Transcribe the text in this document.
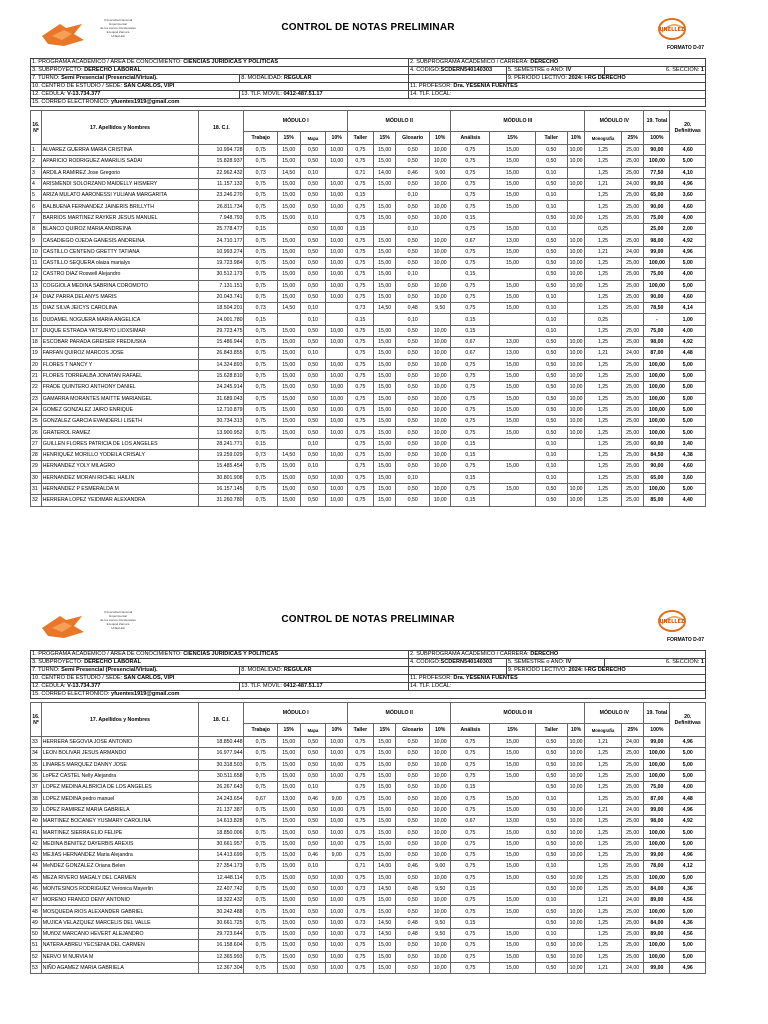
Universidad Nacional Experimental
de los Llanos Occidentales
Ezequiel Zamora
UNELLEZ
CONTROL DE NOTAS PRELIMINAR	UNELLEZ
FORMATO D-07
1. PROGRAMA ACADEMICO / ÁREA DE CONOCIMIENTO: CIENCIAS JURIDICAS Y POLITICAS		2. SUBPROGRAMA ACADEMICO / CARRERA: DERECHO		
3. SUBPROYECTO: DERECHO LABORAL		4. CODIGO:SCDERN540140303	5. SEMESTRE o AÑO: IV	6. SECCION: 1
7. TURNO: Semi Presencial (Presencial/Virtual).	8. MODALIDAD: REGULAR		9. PERIODO LECTIVO: 2024: I-RG DERECHO	
10. CENTRO DE ESTUDIO / SEDE: SAN CARLOS, VIPI		11. PROFESOR: Dra. YESENIA FUENTES		
12. CEDULA: V-13.734.377	13. TLF. MOVIL: 0412-487.51.17	14. TLF. LOCAL:		
15. CORREO ELECTRONICO: yfuentes1919@gmail.com				
16. Nº	17. Apellidos y Nombres	18. C.I.	MÓDULO I				MÓDULO II				MÓDULO III				MÓDULO IV		19. Total	20. Definitivas
			Trabajo	15%	Mapa	10%	Taller	15%	Glosario	10%	Análisis	15%	Taller	10%	Monografia	25%	100%	
1	ALVAREZ GUERRA MARIA CRISTINA	10.994.728	0,75	15,00	0,50	10,00	0,75	15,00	0,50	10,00	0,75	15,00	0,50	10,00	1,25	25,00	90,00	4,60
2	APARICIO RODRIGUEZ AMARILIS SADAI	15.828.937	0,75	15,00	0,50	10,00	0,75	15,00	0,50	10,00	0,75	15,00	0,50	10,00	1,25	25,00	100,00	5,00
3	ARDILA RAMIREZ Jose Gregorio	22.962.432	0,73	14,50	0,10		0,71	14,00	0,46	9,00	0,75	15,00	0,10		1,25	25,00	77,50	4,10
4	ARISMENDI SOLORZANO MAIDELLY HISMERY	11.157.132	0,75	15,00	0,50	10,00	0,75	15,00	0,50	10,00	0,75	15,00	0,50	10,00	1,21	24,00	99,00	4,96
5	ARIZA MULATO AARONESSI YULIANA MARGARITA	23.246.270	0,75	15,00	0,50	10,00	0,15		0,10		0,75	15,00	0,10		1,25	25,00	65,00	3,60
6	BALBUENA FERNANDEZ JAINERIS BRILLYTH	26.811.734	0,75	15,00	0,50	10,00	0,75	15,00	0,50	10,00	0,75	15,00	0,10		1,25	25,00	90,00	4,60
7	BARRIOS MARTINEZ RAYKER JESUS MANUEL	7.948.793	0,75	15,00	0,10		0,75	15,00	0,50	10,00	0,15		0,50	10,00	1,25	25,00	75,00	4,00
8	BLANCO QUIROZ MARIA ANDREINA	25.778.477	0,15		0,50	10,00	0,15		0,10		0,75	15,00	0,10		0,25		25,00	2,00
9	CASADIEGO OJEDA GANESIS ANDREINA	24.710.177	0,75	15,00	0,50	10,00	0,75	15,00	0,50	10,00	0,67	13,00	0,50	10,00	1,25	25,00	98,00	4,92
10	CASTILLO CENTENO GRETTY TATIANA	10.993.274	0,75	15,00	0,50	10,00	0,75	15,00	0,50	10,00	0,75	15,00	0,50	10,00	1,21	24,00	99,00	4,96
11	CASTILLO SEQUERA olaiza marialys	19.723.984	0,75	15,00	0,50	10,00	0,75	15,00	0,50	10,00	0,75	15,00	0,50	10,00	1,25	25,00	100,00	5,00
12	CASTRO DIAZ Roswell Alejandro	30.512.173	0,75	15,00	0,50	10,00	0,75	15,00	0,10		0,15		0,50	10,00	1,25	25,00	75,00	4,00
13	COGGIOLA MEDINA SABRINA COROMOTO	7.131.151	0,75	15,00	0,50	10,00	0,75	15,00	0,50	10,00	0,75	15,00	0,50	10,00	1,25	25,00	100,00	5,00
14	DIAZ PARRA DELANYS MARIS	20.043.741	0,75	15,00	0,50	10,00	0,75	15,00	0,50	10,00	0,75	15,00	0,10		1,25	25,00	90,00	4,60
15	DIAZ SILVA JEICYS CAROLINA	18.504.201	0,73	14,50	0,10		0,73	14,50	0,48	9,50	0,75	15,00	0,10		1,25	25,00	78,50	4,14
16	DUDAMEL NOGUERA MARIA ANGELICA	24.001.780	0,15		0,10		0,15		0,10		0,15		0,10		0,25		-	1,00
17	DUQUE ESTRADA YATSURYD LIOXSIMAR	29.723.475	0,75	15,00	0,50	10,00	0,75	15,00	0,50	10,00	0,15		0,10		1,25	25,00	75,00	4,00
18	ESCOBAR PARADA GREISER FREDIUSKA	15.486.944	0,75	15,00	0,50	10,00	0,75	15,00	0,50	10,00	0,67	13,00	0,50	10,00	1,25	25,00	98,00	4,92
19	FARFAN QUIROZ MARCOS JOSE	26.843.855	0,75	15,00	0,10		0,75	15,00	0,50	10,00	0,67	13,00	0,50	10,00	1,21	24,00	87,00	4,48
20	FLORES T NANCY Y	14.324.893	0,75	15,00	0,50	10,00	0,75	15,00	0,50	10,00	0,75	15,00	0,50	10,00	1,25	25,00	100,00	5,00
21	FLORES TORREALBA JONATAN RAFAEL	15.628.810	0,75	15,00	0,50	10,00	0,75	15,00	0,50	10,00	0,75	15,00	0,50	10,00	1,25	25,00	100,00	5,00
22	FRADE QUINTERO ANTHONY DANIEL	24.245.914	0,75	15,00	0,50	10,00	0,75	15,00	0,50	10,00	0,75	15,00	0,50	10,00	1,25	25,00	100,00	5,00
23	GAMARRA MORANTES MAITTE MARIANGEL	31.689.043	0,75	15,00	0,50	10,00	0,75	15,00	0,50	10,00	0,75	15,00	0,50	10,00	1,25	25,00	100,00	5,00
24	GOMEZ GONZALEZ JAIRO ENRIQUE	12.710.879	0,75	15,00	0,50	10,00	0,75	15,00	0,50	10,00	0,75	15,00	0,50	10,00	1,25	25,00	100,00	5,00
25	GONZALEZ GARCIA EVANDERLI LISETH	30.734.313	0,75	15,00	0,50	10,00	0,75	15,00	0,50	10,00	0,75	15,00	0,50	10,00	1,25	25,00	100,00	5,00
26	GRATEROL RAMEZ	13.900.952	0,75	15,00	0,50	10,00	0,75	15,00	0,50	10,00	0,75	15,00	0,50	10,00	1,25	25,00	100,00	5,00
27	GUILLEN FLORES PATRICIA DE LOS ANGELES	28.241.771	0,15		0,10		0,75	15,00	0,50	10,00	0,15		0,10		1,25	25,00	60,00	3,40
28	HENRIQUEZ MORILLO YODEILA CRISALY	19.259.029	0,73	14,50	0,50	10,00	0,75	15,00	0,50	10,00	0,15		0,10		1,25	25,00	84,50	4,38
29	HERNANDEZ YOLY MILAGRO	15.485.454	0,75	15,00	0,10		0,75	15,00	0,50	10,00	0,75	15,00	0,10		1,25	25,00	90,00	4,60
30	HERNANDEZ MORAN RICHEL HAILIN	30.801.908	0,75	15,00	0,50	10,00	0,75	15,00	0,10		0,15		0,10		1,25	25,00	65,00	3,60
31	HERNANDEZ P ESMERALDA M	16.157.145	0,75	15,00	0,50	10,00	0,75	15,00	0,50	10,00	0,75	15,00	0,50	10,00	1,25	25,00	100,00	5,00
32	HERRERA LOPEZ YEIDIMAR ALEXANDRA	31.260.780	0,75	15,00	0,50	10,00	0,75	15,00	0,50	10,00	0,15		0,50	10,00	1,25	25,00	85,00	4,40
Universidad Nacional Experimental
de los Llanos Occidentales
Ezequiel Zamora
UNELLEZ
CONTROL DE NOTAS PRELIMINAR	UNELLEZ
FORMATO D-07
1. PROGRAMA ACADEMICO / ÁREA DE CONOCIMIENTO: CIENCIAS JURIDICAS Y POLITICAS		2. SUBPROGRAMA ACADEMICO / CARRERA: DERECHO		
3. SUBPROYECTO: DERECHO LABORAL		4. CODIGO:SCDERN540140303	5. SEMESTRE o AÑO: IV	6. SECCION: 1
7. TURNO: Semi Presencial (Presencial/Virtual).	8. MODALIDAD: REGULAR		9. PERIODO LECTIVO: 2024: I-RG DERECHO	
10. CENTRO DE ESTUDIO / SEDE: SAN CARLOS, VIPI		11. PROFESOR: Dra. YESENIA FUENTES		
12. CEDULA: V-13.734.377	13. TLF. MOVIL: 0412-487.51.17	14. TLF. LOCAL:		
15. CORREO ELECTRONICO: yfuentes1919@gmail.com				
16. Nº	17. Apellidos y Nombres	18. C.I.	MÓDULO I				MÓDULO II				MÓDULO III				MÓDULO IV		19. Total	20. Definitivas
			Trabajo	15%	Mapa	10%	Taller	15%	Glosario	10%	Análisis	15%	Taller	10%	Monografia	25%	100%	
33	HERRERA SEGOVIA JOSE ANTONIO	18.850.448	0,75	15,00	0,50	10,00	0,75	15,00	0,50	10,00	0,75	15,00	0,50	10,00	1,21	24,00	99,00	4,96
34	LEON BOLIVAR JESUS ARMANDO	16.977.944	0,75	15,00	0,50	10,00	0,75	15,00	0,50	10,00	0,75	15,00	0,50	10,00	1,25	25,00	100,00	5,00
35	LINARES MARQUEZ DANNY JOSE	30.318.503	0,75	15,00	0,50	10,00	0,75	15,00	0,50	10,00	0,75	15,00	0,50	10,00	1,25	25,00	100,00	5,00
36	LoPEZ CASTEL Nelly Alejandra	30.511.658	0,75	15,00	0,50	10,00	0,75	15,00	0,50	10,00	0,75	15,00	0,50	10,00	1,25	25,00	100,00	5,00
37	LOPEZ MEDINA ALBRICIA DE LOS ANGELES	26.267.643	0,75	15,00	0,10		0,75	15,00	0,50	10,00	0,15		0,50	10,00	1,25	25,00	75,00	4,00
38	LOPEZ MEDINA pedro manuel	24.243.654	0,67	13,00	0,46	9,00	0,75	15,00	0,50	10,00	0,75	15,00	0,10		1,25	25,00	87,00	4,48
39	LÓPEZ RAMIREZ MARIA GABRIELA	21.137.387	0,75	15,00	0,50	10,00	0,75	15,00	0,50	10,00	0,75	15,00	0,50	10,00	1,21	24,00	99,00	4,96
40	MARTINEZ BOCANEY YUSMARY CAROLINA	14.613.828	0,75	15,00	0,50	10,00	0,75	15,00	0,50	10,00	0,67	13,00	0,50	10,00	1,25	25,00	98,00	4,92
41	MARTINEZ SIERRA ELIO FELIPE	18.850.006	0,75	15,00	0,50	10,00	0,75	15,00	0,50	10,00	0,75	15,00	0,50	10,00	1,25	25,00	100,00	5,00
42	MEDINA BENITEZ DAYERBIS AREXIS	30.661.957	0,75	15,00	0,50	10,00	0,75	15,00	0,50	10,00	0,75	15,00	0,50	10,00	1,25	25,00	100,00	5,00
43	MEJIAS HERNANDEZ Maria Alejandra	14.413.699	0,75	15,00	0,46	9,00	0,75	15,00	0,50	10,00	0,75	15,00	0,50	10,00	1,25	25,00	99,00	4,96
44	MeNDEZ GONZALEZ Oriana Belen	27.354.173	0,75	15,00	0,10		0,71	14,00	0,46	9,00	0,75	15,00	0,10		1,25	25,00	78,00	4,12
45	MEZA RIVERO MAGALY DEL CARMEN	12.448.114	0,75	15,00	0,50	10,00	0,75	15,00	0,50	10,00	0,75	15,00	0,50	10,00	1,25	25,00	100,00	5,00
46	MONTESINOS RODRIGUEZ Veronica Mayerlin	22.407.742	0,75	15,00	0,50	10,00	0,73	14,50	0,48	9,50	0,15		0,50	10,00	1,25	25,00	84,00	4,36
47	MORENO FRANCO DENY ANTONIO	18.322.432	0,75	15,00	0,50	10,00	0,75	15,00	0,50	10,00	0,75	15,00	0,10		1,21	24,00	89,00	4,56
48	MOSQUEDA RIOS ALEXANDER GABRIEL	30.242.488	0,75	15,00	0,50	10,00	0,75	15,00	0,50	10,00	0,75	15,00	0,50	10,00	1,25	25,00	100,00	5,00
49	MUJICA VELAZQUEZ MARCELIS DEL VALLE	30.661.725	0,75	15,00	0,50	10,00	0,73	14,50	0,48	9,50	0,15		0,50	10,00	1,25	25,00	84,00	4,36
50	MUñOZ MARCANO HEVERT ALEJANDRO	29.723.644	0,75	15,00	0,50	10,00	0,73	14,50	0,48	9,50	0,75	15,00	0,10		1,25	25,00	89,00	4,56
51	NATERA ABREU YECSENIA DEL CARMEN	16.158.604	0,75	15,00	0,50	10,00	0,75	15,00	0,50	10,00	0,75	15,00	0,50	10,00	1,25	25,00	100,00	5,00
52	NERVO M NURVIA M	12.365.993	0,75	15,00	0,50	10,00	0,75	15,00	0,50	10,00	0,75	15,00	0,50	10,00	1,25	25,00	100,00	5,00
53	NIÑO AGAMEZ MARIA GABRIELA	12.367.304	0,75	15,00	0,50	10,00	0,75	15,00	0,50	10,00	0,75	15,00	0,50	10,00	1,21	24,00	99,00	4,96
